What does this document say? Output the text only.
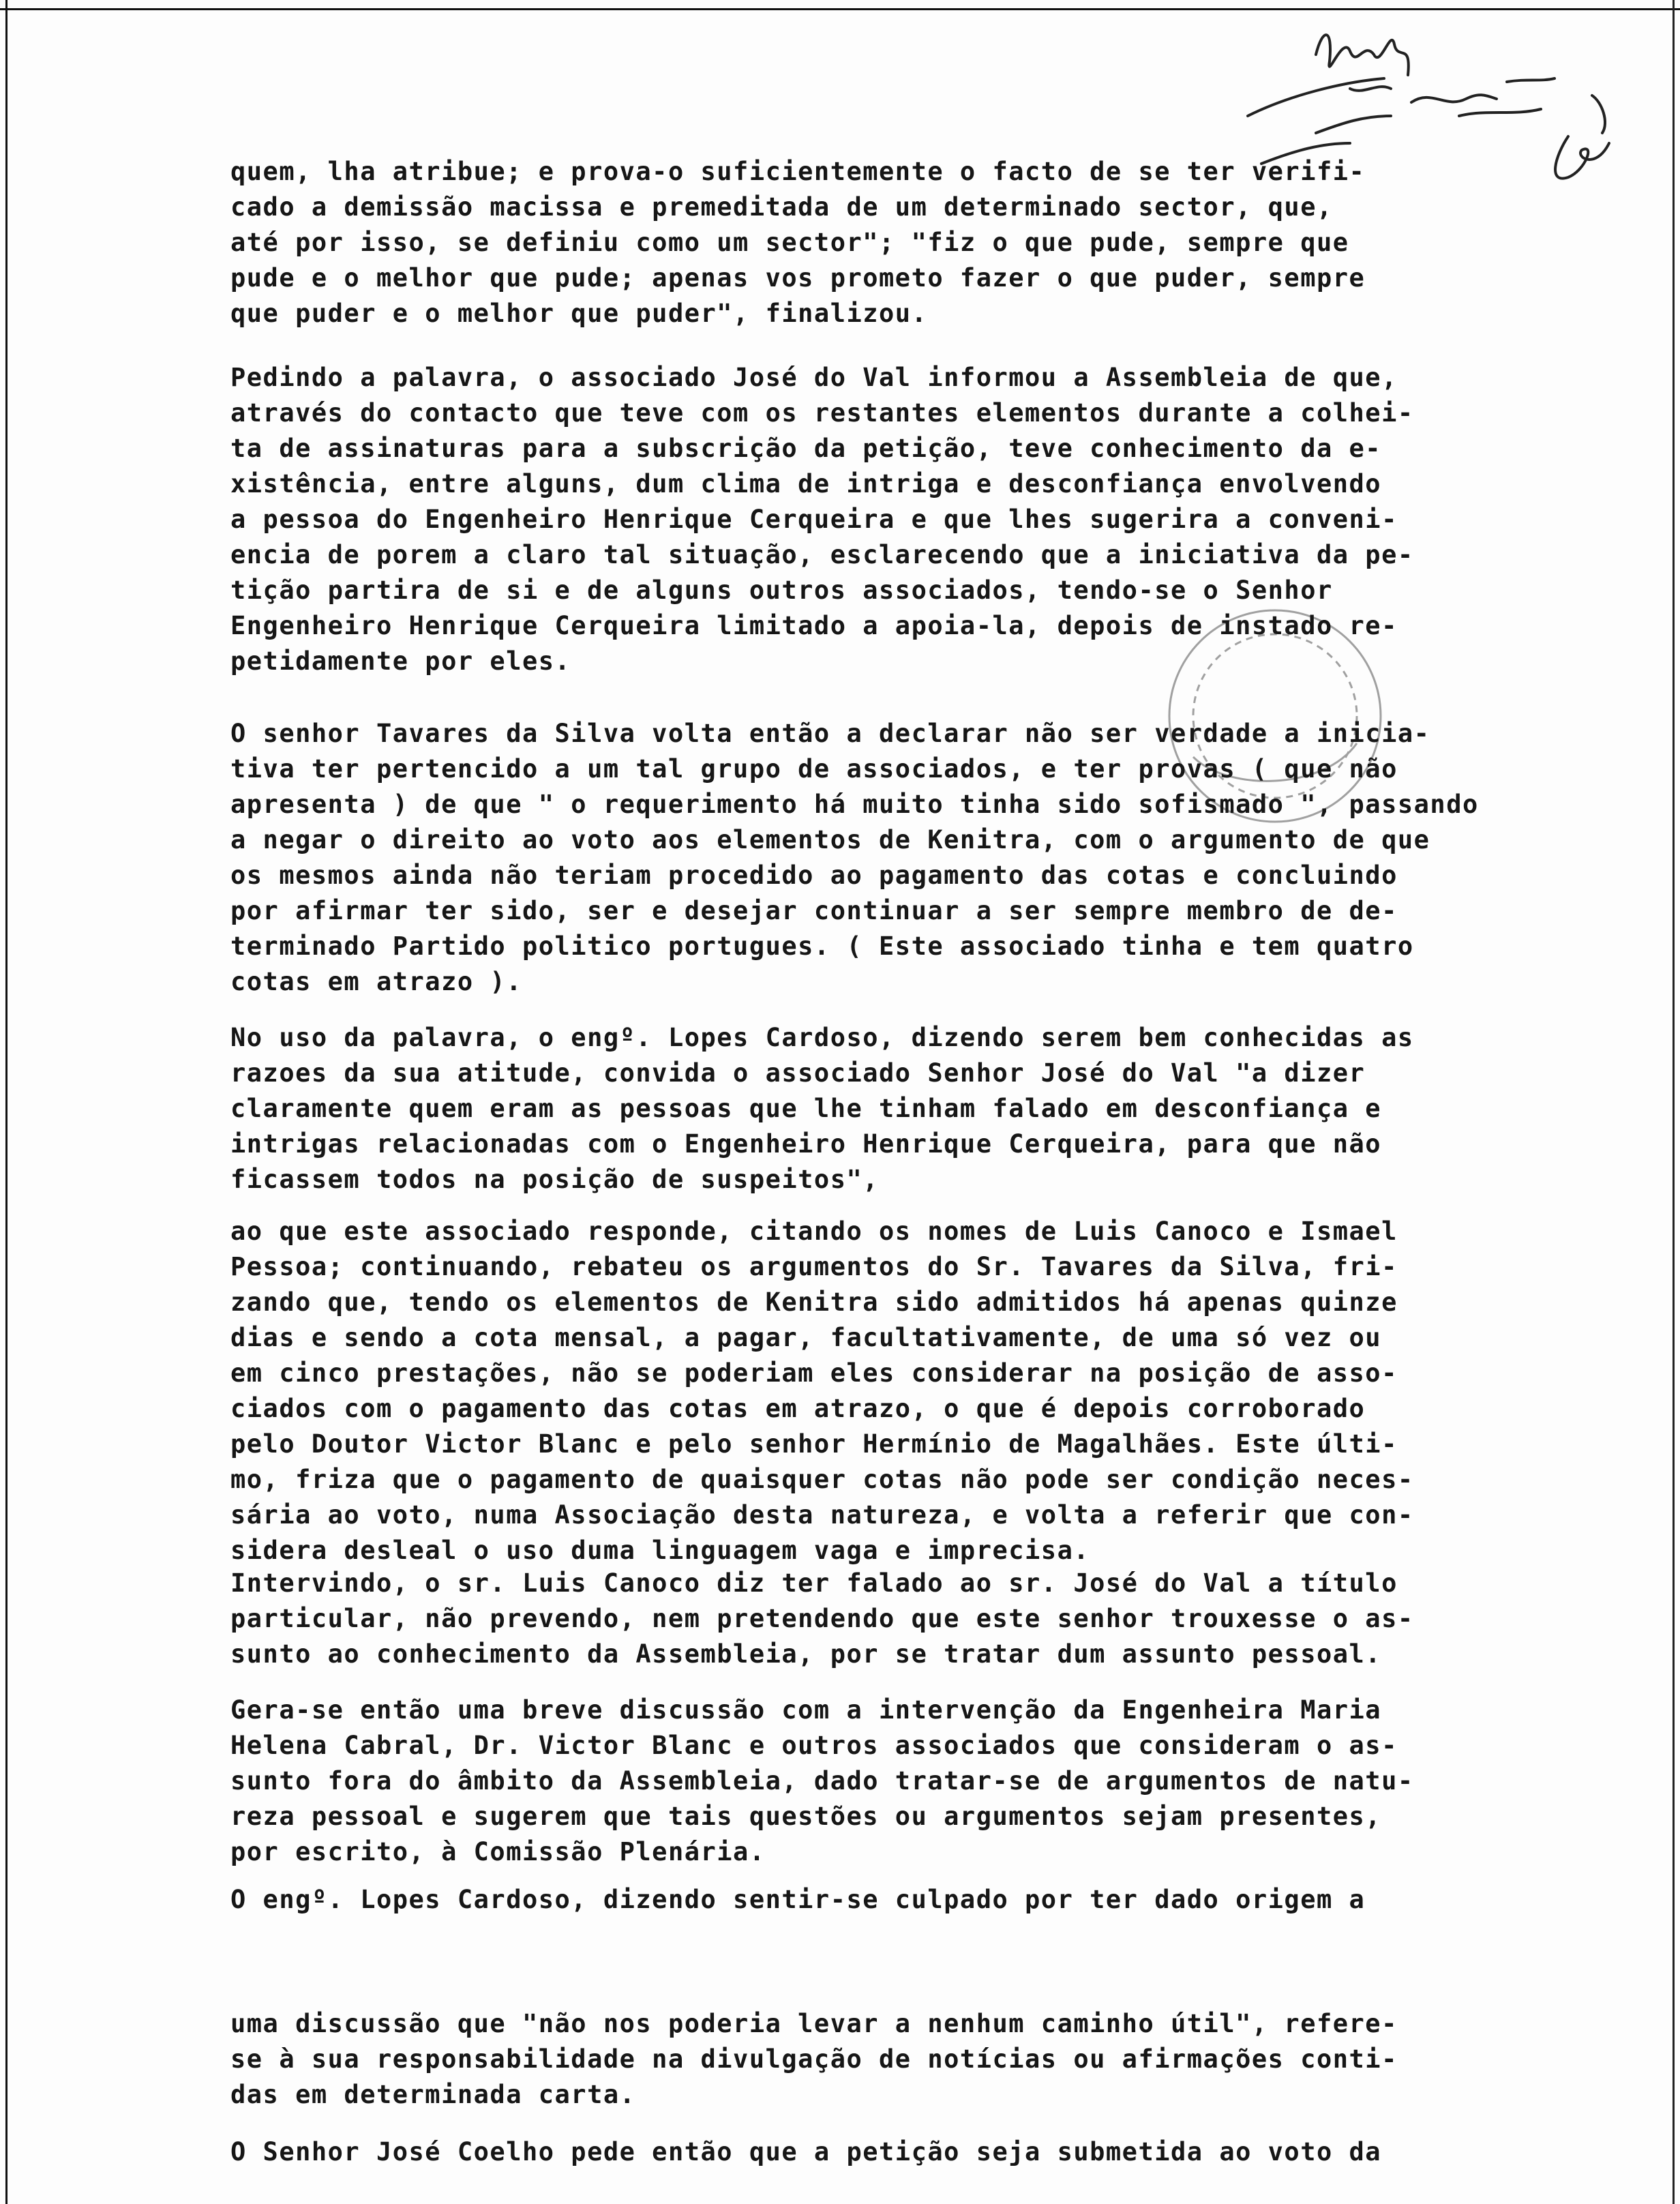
quem, lha atribue; e prova-o suficientemente o facto de se ter verifi-
cado a demissão macissa e premeditada de um determinado sector, que,
até por isso, se definiu como um sector"; "fiz o que pude, sempre que
pude e o melhor que pude; apenas vos prometo fazer o que puder, sempre
que puder e o melhor que puder", finalizou.
Pedindo a palavra, o associado José do Val informou a Assembleia de que,
através do contacto que teve com os restantes elementos durante a colhei-
ta de assinaturas para a subscrição da petição, teve conhecimento da e-
xistência, entre alguns, dum clima de intriga e desconfiança envolvendo
a pessoa do Engenheiro Henrique Cerqueira e que lhes sugerira a conveni-
encia de porem a claro tal situação, esclarecendo que a iniciativa da pe-
tição partira de si e de alguns outros associados, tendo-se o Senhor
Engenheiro Henrique Cerqueira limitado a apoia-la, depois de instado re-
petidamente por eles.
O senhor Tavares da Silva volta então a declarar não ser verdade a inicia-
tiva ter pertencido a um tal grupo de associados, e ter provas ( que não
apresenta ) de que " o requerimento há muito tinha sido sofismado ", passando
a negar o direito ao voto aos elementos de Kenitra, com o argumento de que
os mesmos ainda não teriam procedido ao pagamento das cotas e concluindo
por afirmar ter sido, ser e desejar continuar a ser sempre membro de de-
terminado Partido politico portugues. ( Este associado tinha e tem quatro
cotas em atrazo ).
No uso da palavra, o engº. Lopes Cardoso, dizendo serem bem conhecidas as
razoes da sua atitude, convida o associado Senhor José do Val "a dizer
claramente quem eram as pessoas que lhe tinham falado em desconfiança e
intrigas relacionadas com o Engenheiro Henrique Cerqueira, para que não
ficassem todos na posição de suspeitos",
ao que este associado responde, citando os nomes de Luis Canoco e Ismael
Pessoa; continuando, rebateu os argumentos do Sr. Tavares da Silva, fri-
zando que, tendo os elementos de Kenitra sido admitidos há apenas quinze
dias e sendo a cota mensal, a pagar, facultativamente, de uma só vez ou
em cinco prestações, não se poderiam eles considerar na posição de asso-
ciados com o pagamento das cotas em atrazo, o que é depois corroborado
pelo Doutor Victor Blanc e pelo senhor Hermínio de Magalhães. Este últi-
mo, friza que o pagamento de quaisquer cotas não pode ser condição neces-
sária ao voto, numa Associação desta natureza, e volta a referir que con-
sidera desleal o uso duma linguagem vaga e imprecisa.
Intervindo, o sr. Luis Canoco diz ter falado ao sr. José do Val a título
particular, não prevendo, nem pretendendo que este senhor trouxesse o as-
sunto ao conhecimento da Assembleia, por se tratar dum assunto pessoal.
Gera-se então uma breve discussão com a intervenção da Engenheira Maria
Helena Cabral, Dr. Victor Blanc e outros associados que consideram o as-
sunto fora do âmbito da Assembleia, dado tratar-se de argumentos de natu-
reza pessoal e sugerem que tais questões ou argumentos sejam presentes,
por escrito, à Comissão Plenária.
O engº. Lopes Cardoso, dizendo sentir-se culpado por ter dado origem a
uma discussão que "não nos poderia levar a nenhum caminho útil", refere-
se à sua responsabilidade na divulgação de notícias ou afirmações conti-
das em determinada carta.
O Senhor José Coelho pede então que a petição seja submetida ao voto da
